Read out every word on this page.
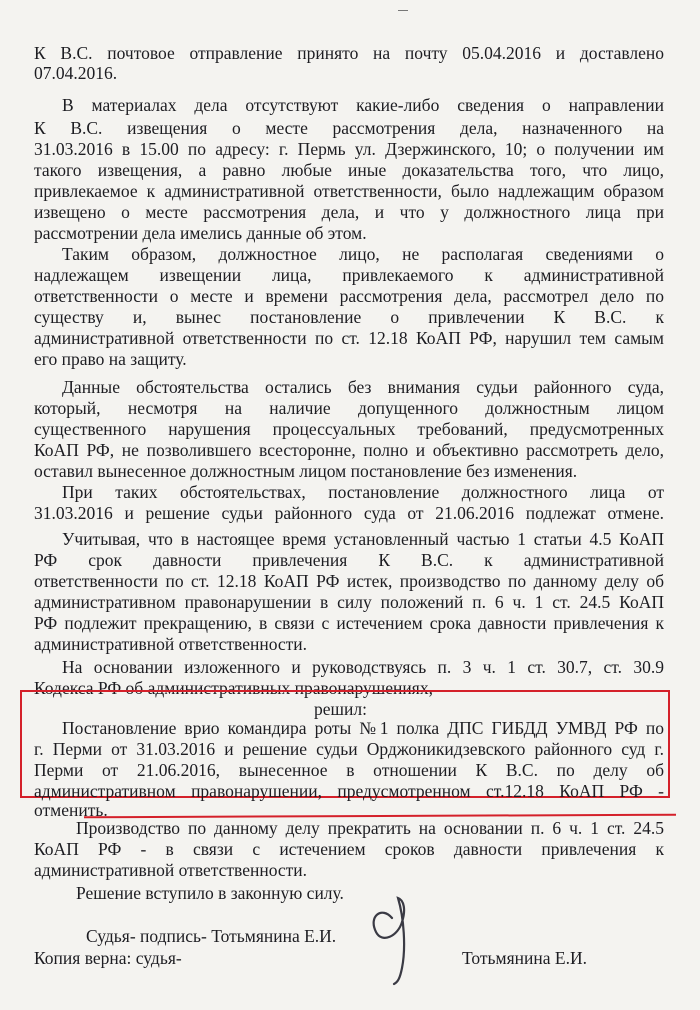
К В.С. почтовое отправление принято на почту 05.04.2016 и доставлено
07.04.2016.
В материалах дела отсутствуют какие-либо сведения о направлении
К В.С. извещения о месте рассмотрения дела, назначенного на
31.03.2016 в 15.00 по адресу: г. Пермь ул. Дзержинского, 10; о получении им
такого извещения, а равно любые иные доказательства того, что лицо,
привлекаемое к административной ответственности, было надлежащим образом
извещено о месте рассмотрения дела, и что у должностного лица при
рассмотрении дела имелись данные об этом.
Таким образом, должностное лицо, не располагая сведениями о
надлежащем извещении лица, привлекаемого к административной
ответственности о месте и времени рассмотрения дела, рассмотрел дело по
существу и, вынес постановление о привлечении К В.С. к
административной ответственности по ст. 12.18 КоАП РФ, нарушил тем самым
его право на защиту.
Данные обстоятельства остались без внимания судьи районного суда,
который, несмотря на наличие допущенного должностным лицом
существенного нарушения процессуальных требований, предусмотренных
КоАП РФ, не позволившего всесторонне, полно и объективно рассмотреть дело,
оставил вынесенное должностным лицом постановление без изменения.
При таких обстоятельствах, постановление должностного лица от
31.03.2016 и решение судьи районного суда от 21.06.2016 подлежат отмене.
Учитывая, что в настоящее время установленный частью 1 статьи 4.5 КоАП
РФ срок давности привлечения К В.С. к административной
ответственности по ст. 12.18 КоАП РФ истек, производство по данному делу об
административном правонарушении в силу положений п. 6 ч. 1 ст. 24.5 КоАП
РФ подлежит прекращению, в связи с истечением срока давности привлечения к
административной ответственности.
На основании изложенного и руководствуясь п. 3 ч. 1 ст. 30.7, ст. 30.9
Кодекса РФ об административных правонарушениях,
решил:
Постановление врио командира роты №1 полка ДПС ГИБДД УМВД РФ по
г. Перми от 31.03.2016 и решение судьи Орджоникидзевского районного суд г.
Перми от 21.06.2016, вынесенное в отношении К В.С. по делу об
административном правонарушении, предусмотренном ст.12.18 КоАП РФ -
отменить.
Производство по данному делу прекратить на основании п. 6 ч. 1 ст. 24.5
КоАП РФ - в связи с истечением сроков давности привлечения к
административной ответственности.
Решение вступило в законную силу.
Судья- подпись- Тотьмянина Е.И.
Копия верна: судья-	Тотьмянина Е.И.
